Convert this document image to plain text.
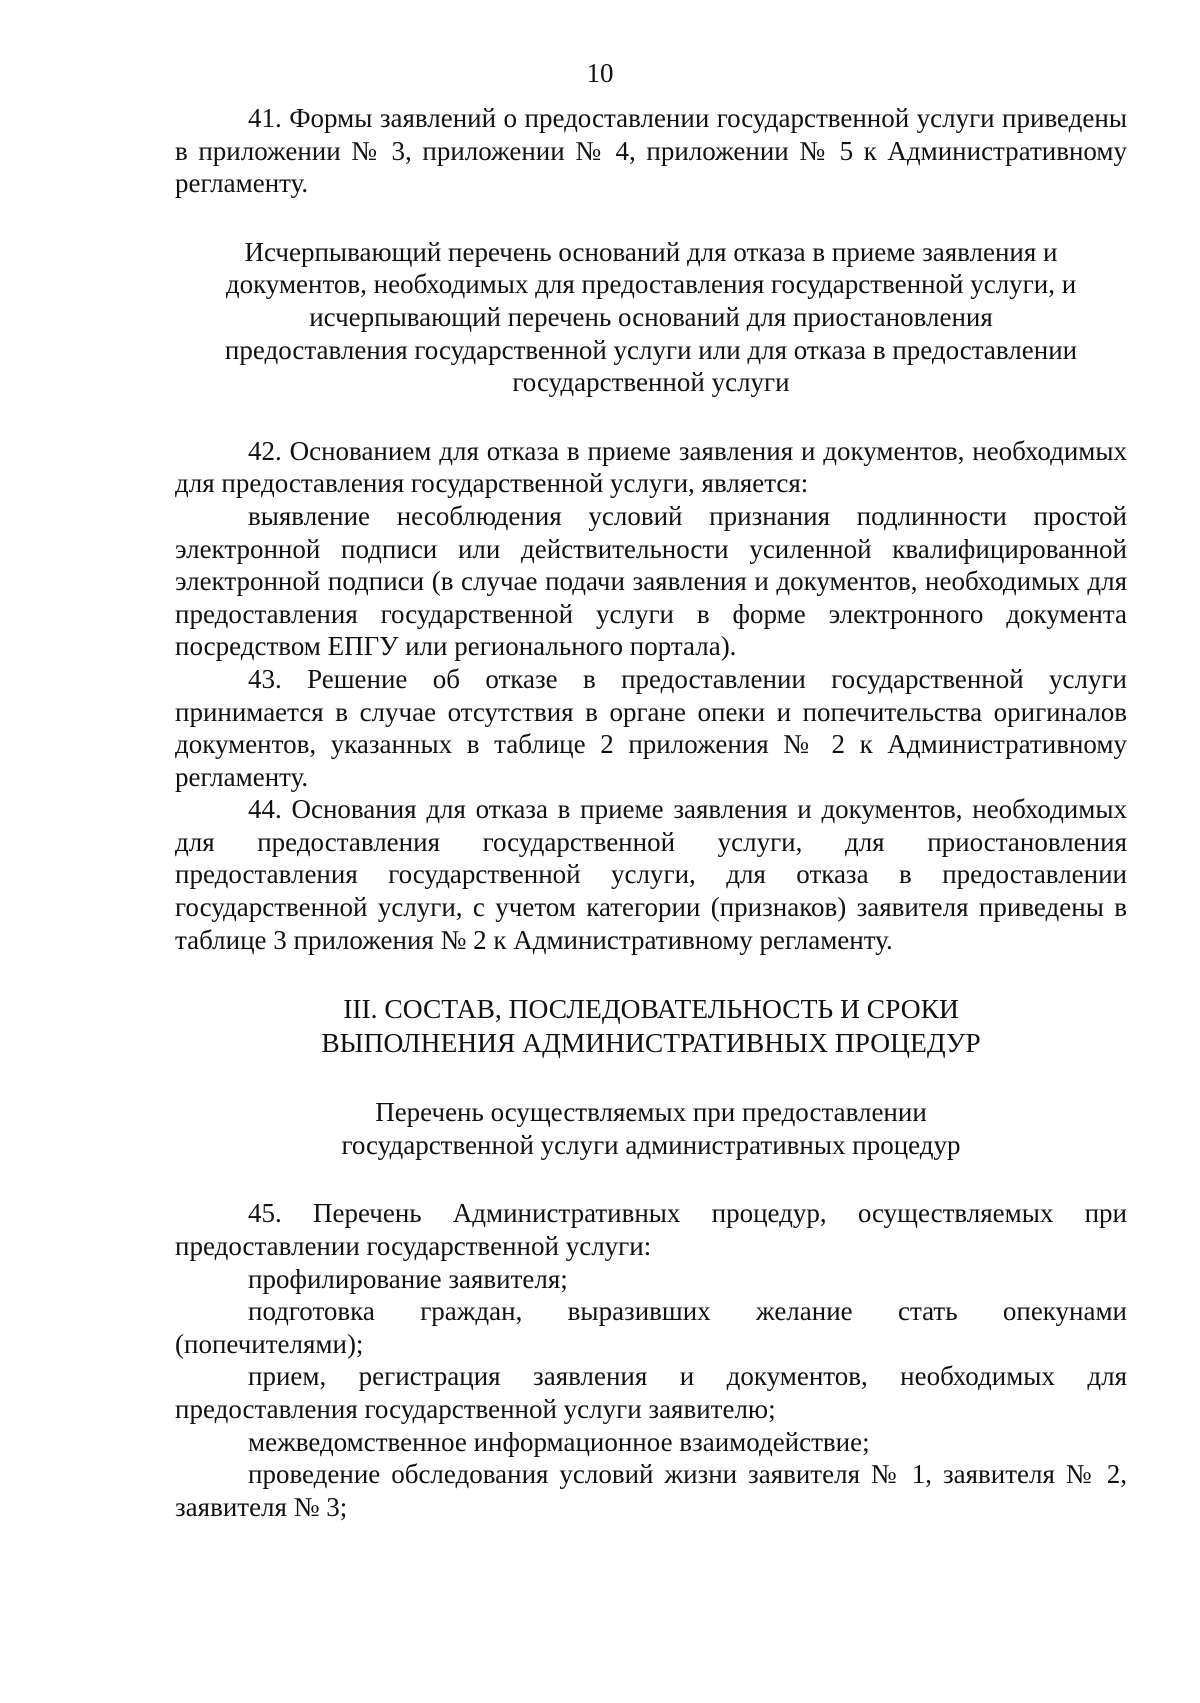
10

41. Формы заявлений о предоставлении государственной услуги приведены в приложении № 3, приложении № 4, приложении № 5 к Административному регламенту.

Исчерпывающий перечень оснований для отказа в приеме заявления и документов, необходимых для предоставления государственной услуги, и исчерпывающий перечень оснований для приостановления предоставления государственной услуги или для отказа в предоставлении государственной услуги

42. Основанием для отказа в приеме заявления и документов, необходимых для предоставления государственной услуги, является:

выявление несоблюдения условий признания подлинности простой электронной подписи или действительности усиленной квалифицированной электронной подписи (в случае подачи заявления и документов, необходимых для предоставления государственной услуги в форме электронного документа посредством ЕПГУ или регионального портала).

43. Решение об отказе в предоставлении государственной услуги принимается в случае отсутствия в органе опеки и попечительства оригиналов документов, указанных в таблице 2 приложения № 2 к Административному регламенту.

44. Основания для отказа в приеме заявления и документов, необходимых для предоставления государственной услуги, для приостановления предоставления государственной услуги, для отказа в предоставлении государственной услуги, с учетом категории (признаков) заявителя приведены в таблице 3 приложения № 2 к Административному регламенту.

III. СОСТАВ, ПОСЛЕДОВАТЕЛЬНОСТЬ И СРОКИ

ВЫПОЛНЕНИЯ АДМИНИСТРАТИВНЫХ ПРОЦЕДУР

Перечень осуществляемых при предоставлении государственной услуги административных процедур

45. Перечень Административных процедур, осуществляемых при предоставлении государственной услуги:

профилирование заявителя;

подготовка граждан, выразивших желание стать опекунами (попечителями);

прием, регистрация заявления и документов, необходимых для предоставления государственной услуги заявителю;

межведомственное информационное взаимодействие;

проведение обследования условий жизни заявителя № 1, заявителя № 2, заявителя № 3;
